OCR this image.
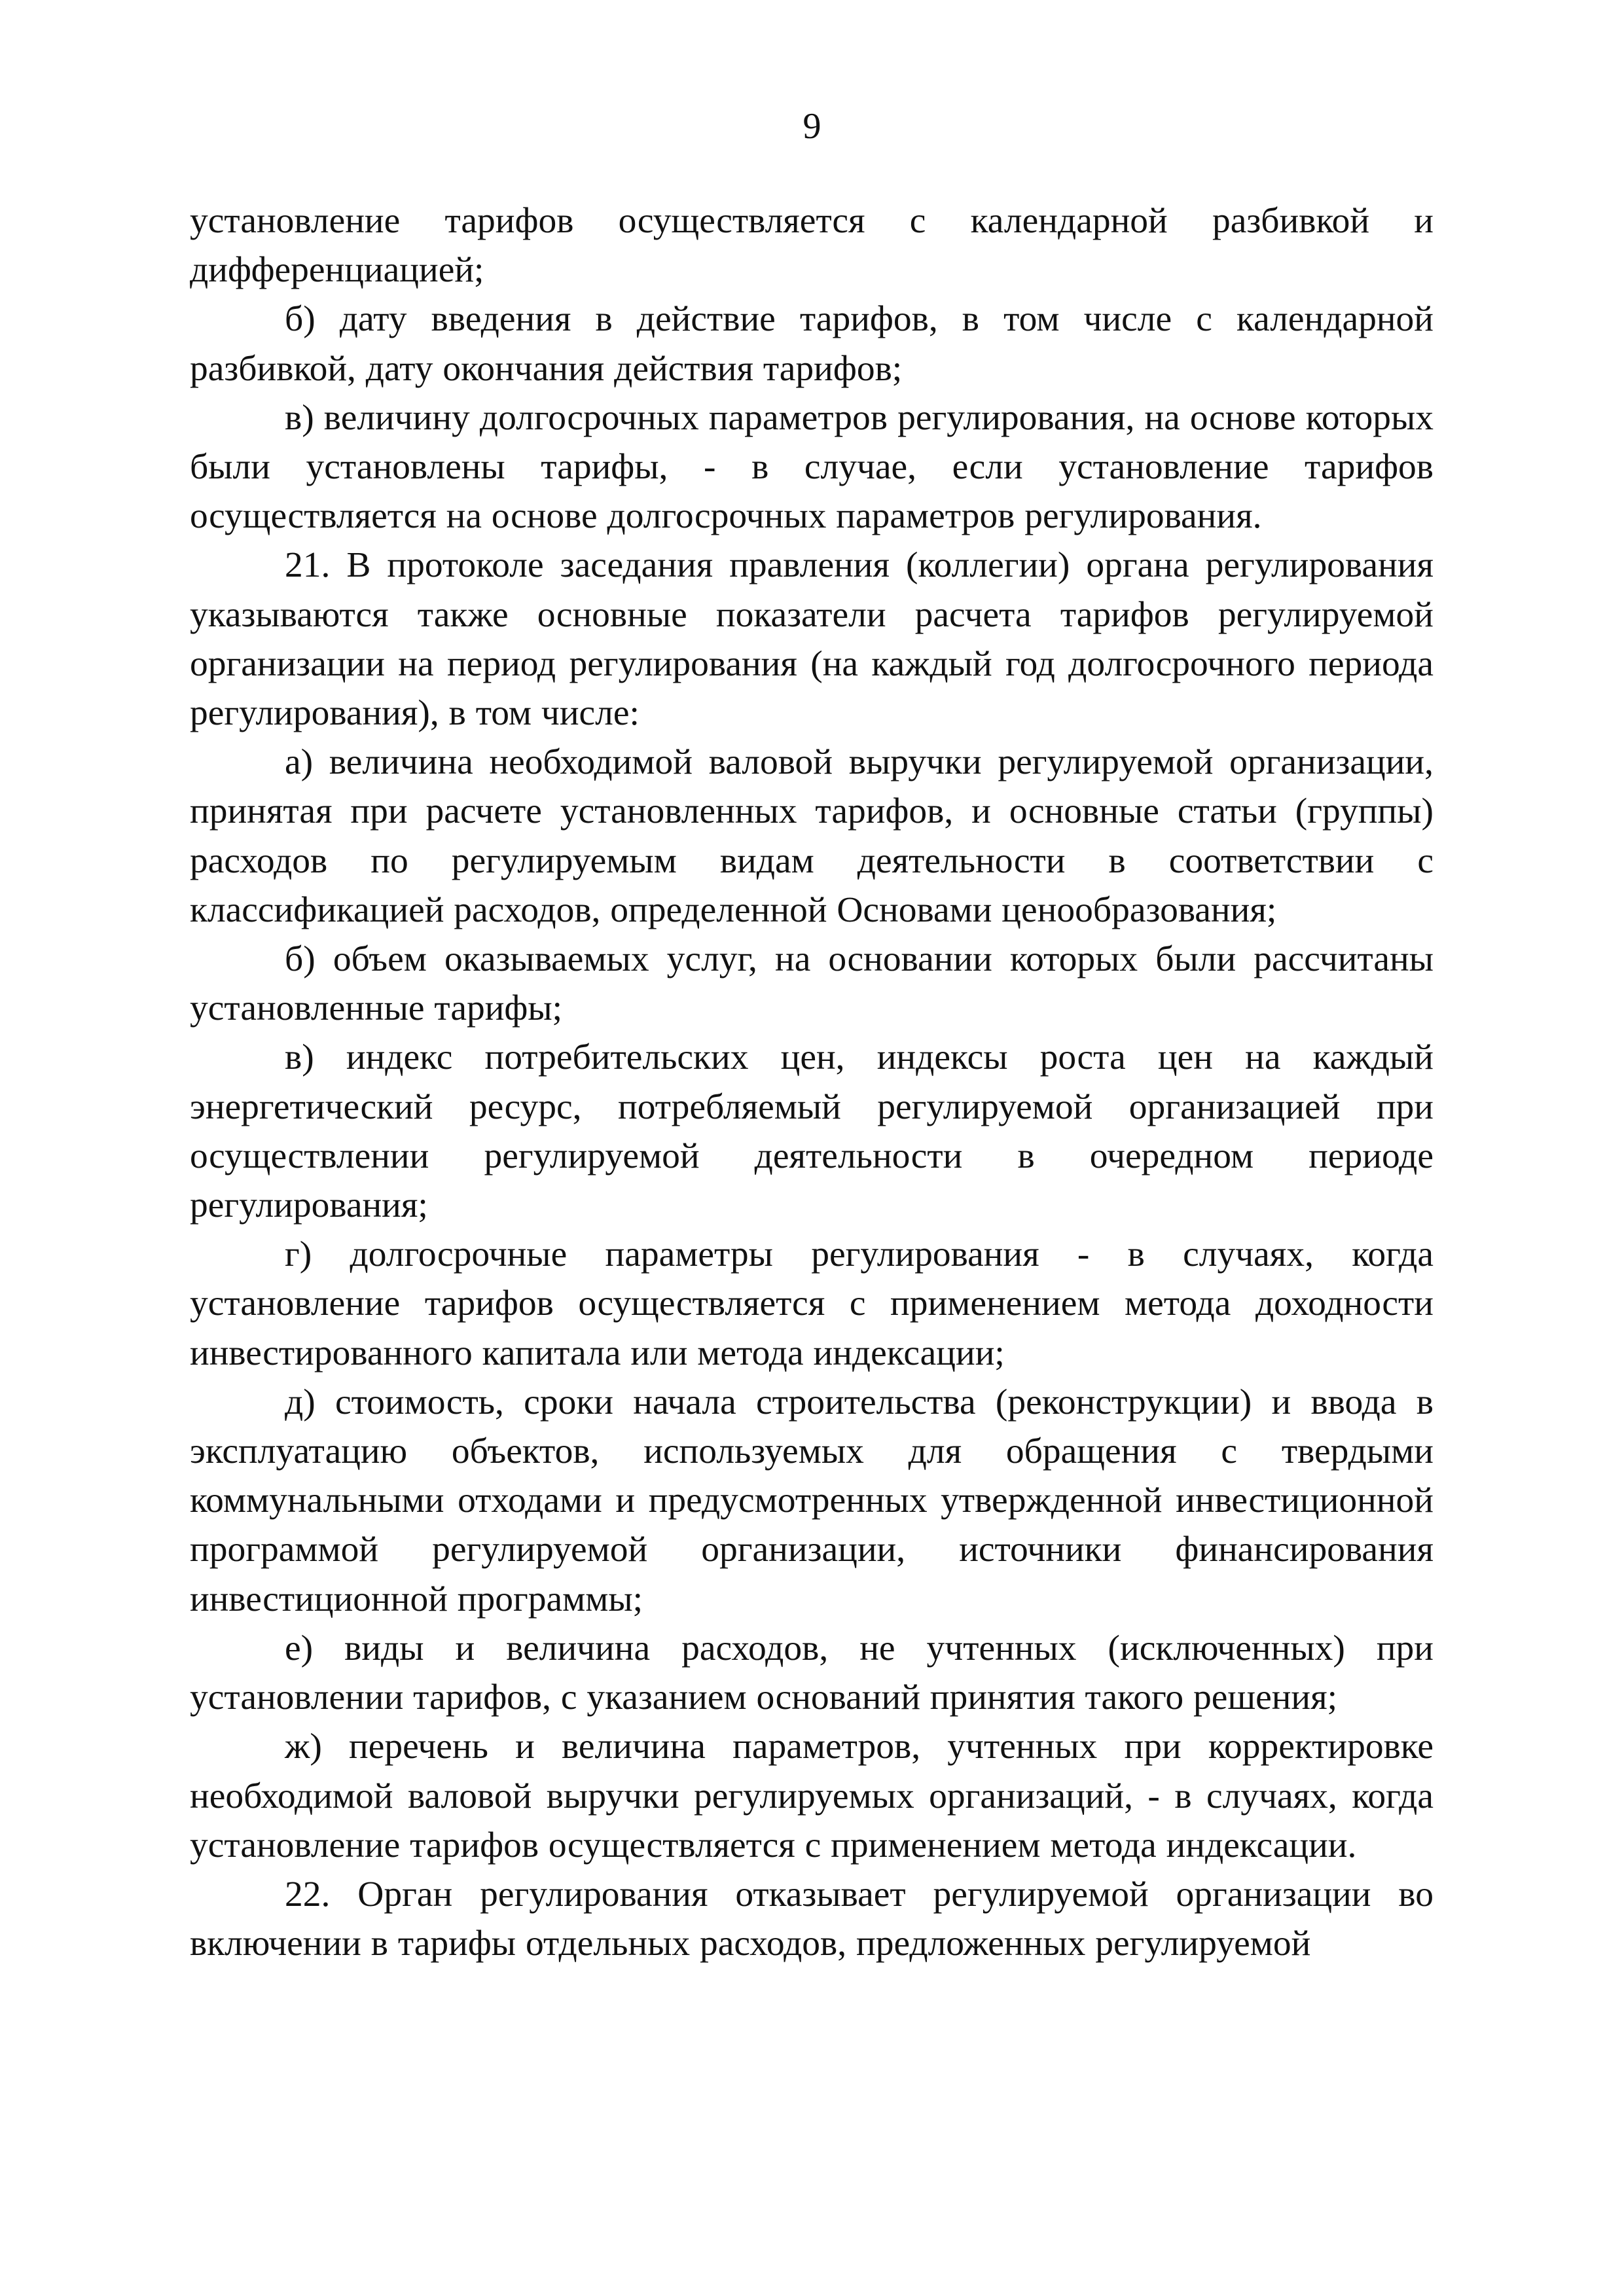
9

установление тарифов осуществляется с календарной разбивкой и дифференциацией;

б) дату введения в действие тарифов, в том числе с календарной разбивкой, дату окончания действия тарифов;

в) величину долгосрочных параметров регулирования, на основе которых были установлены тарифы, - в случае, если установление тарифов осуществляется на основе долгосрочных параметров регулирования.

21. В протоколе заседания правления (коллегии) органа регулирования указываются также основные показатели расчета тарифов регулируемой организации на период регулирования (на каждый год долгосрочного периода регулирования), в том числе:

а) величина необходимой валовой выручки регулируемой организации, принятая при расчете установленных тарифов, и основные статьи (группы) расходов по регулируемым видам деятельности в соответствии с классификацией расходов, определенной Основами ценообразования;

б) объем оказываемых услуг, на основании которых были рассчитаны установленные тарифы;

в) индекс потребительских цен, индексы роста цен на каждый энергетический ресурс, потребляемый регулируемой организацией при осуществлении регулируемой деятельности в очередном периоде регулирования;

г) долгосрочные параметры регулирования - в случаях, когда установление тарифов осуществляется с применением метода доходности инвестированного капитала или метода индексации;

д) стоимость, сроки начала строительства (реконструкции) и ввода в эксплуатацию объектов, используемых для обращения с твердыми коммунальными отходами и предусмотренных утвержденной инвестиционной программой регулируемой организации, источники финансирования инвестиционной программы;

е) виды и величина расходов, не учтенных (исключенных) при установлении тарифов, с указанием оснований принятия такого решения;

ж) перечень и величина параметров, учтенных при корректировке необходимой валовой выручки регулируемых организаций, - в случаях, когда установление тарифов осуществляется с применением метода индексации.

22. Орган регулирования отказывает регулируемой организации во включении в тарифы отдельных расходов, предложенных регулируемой
